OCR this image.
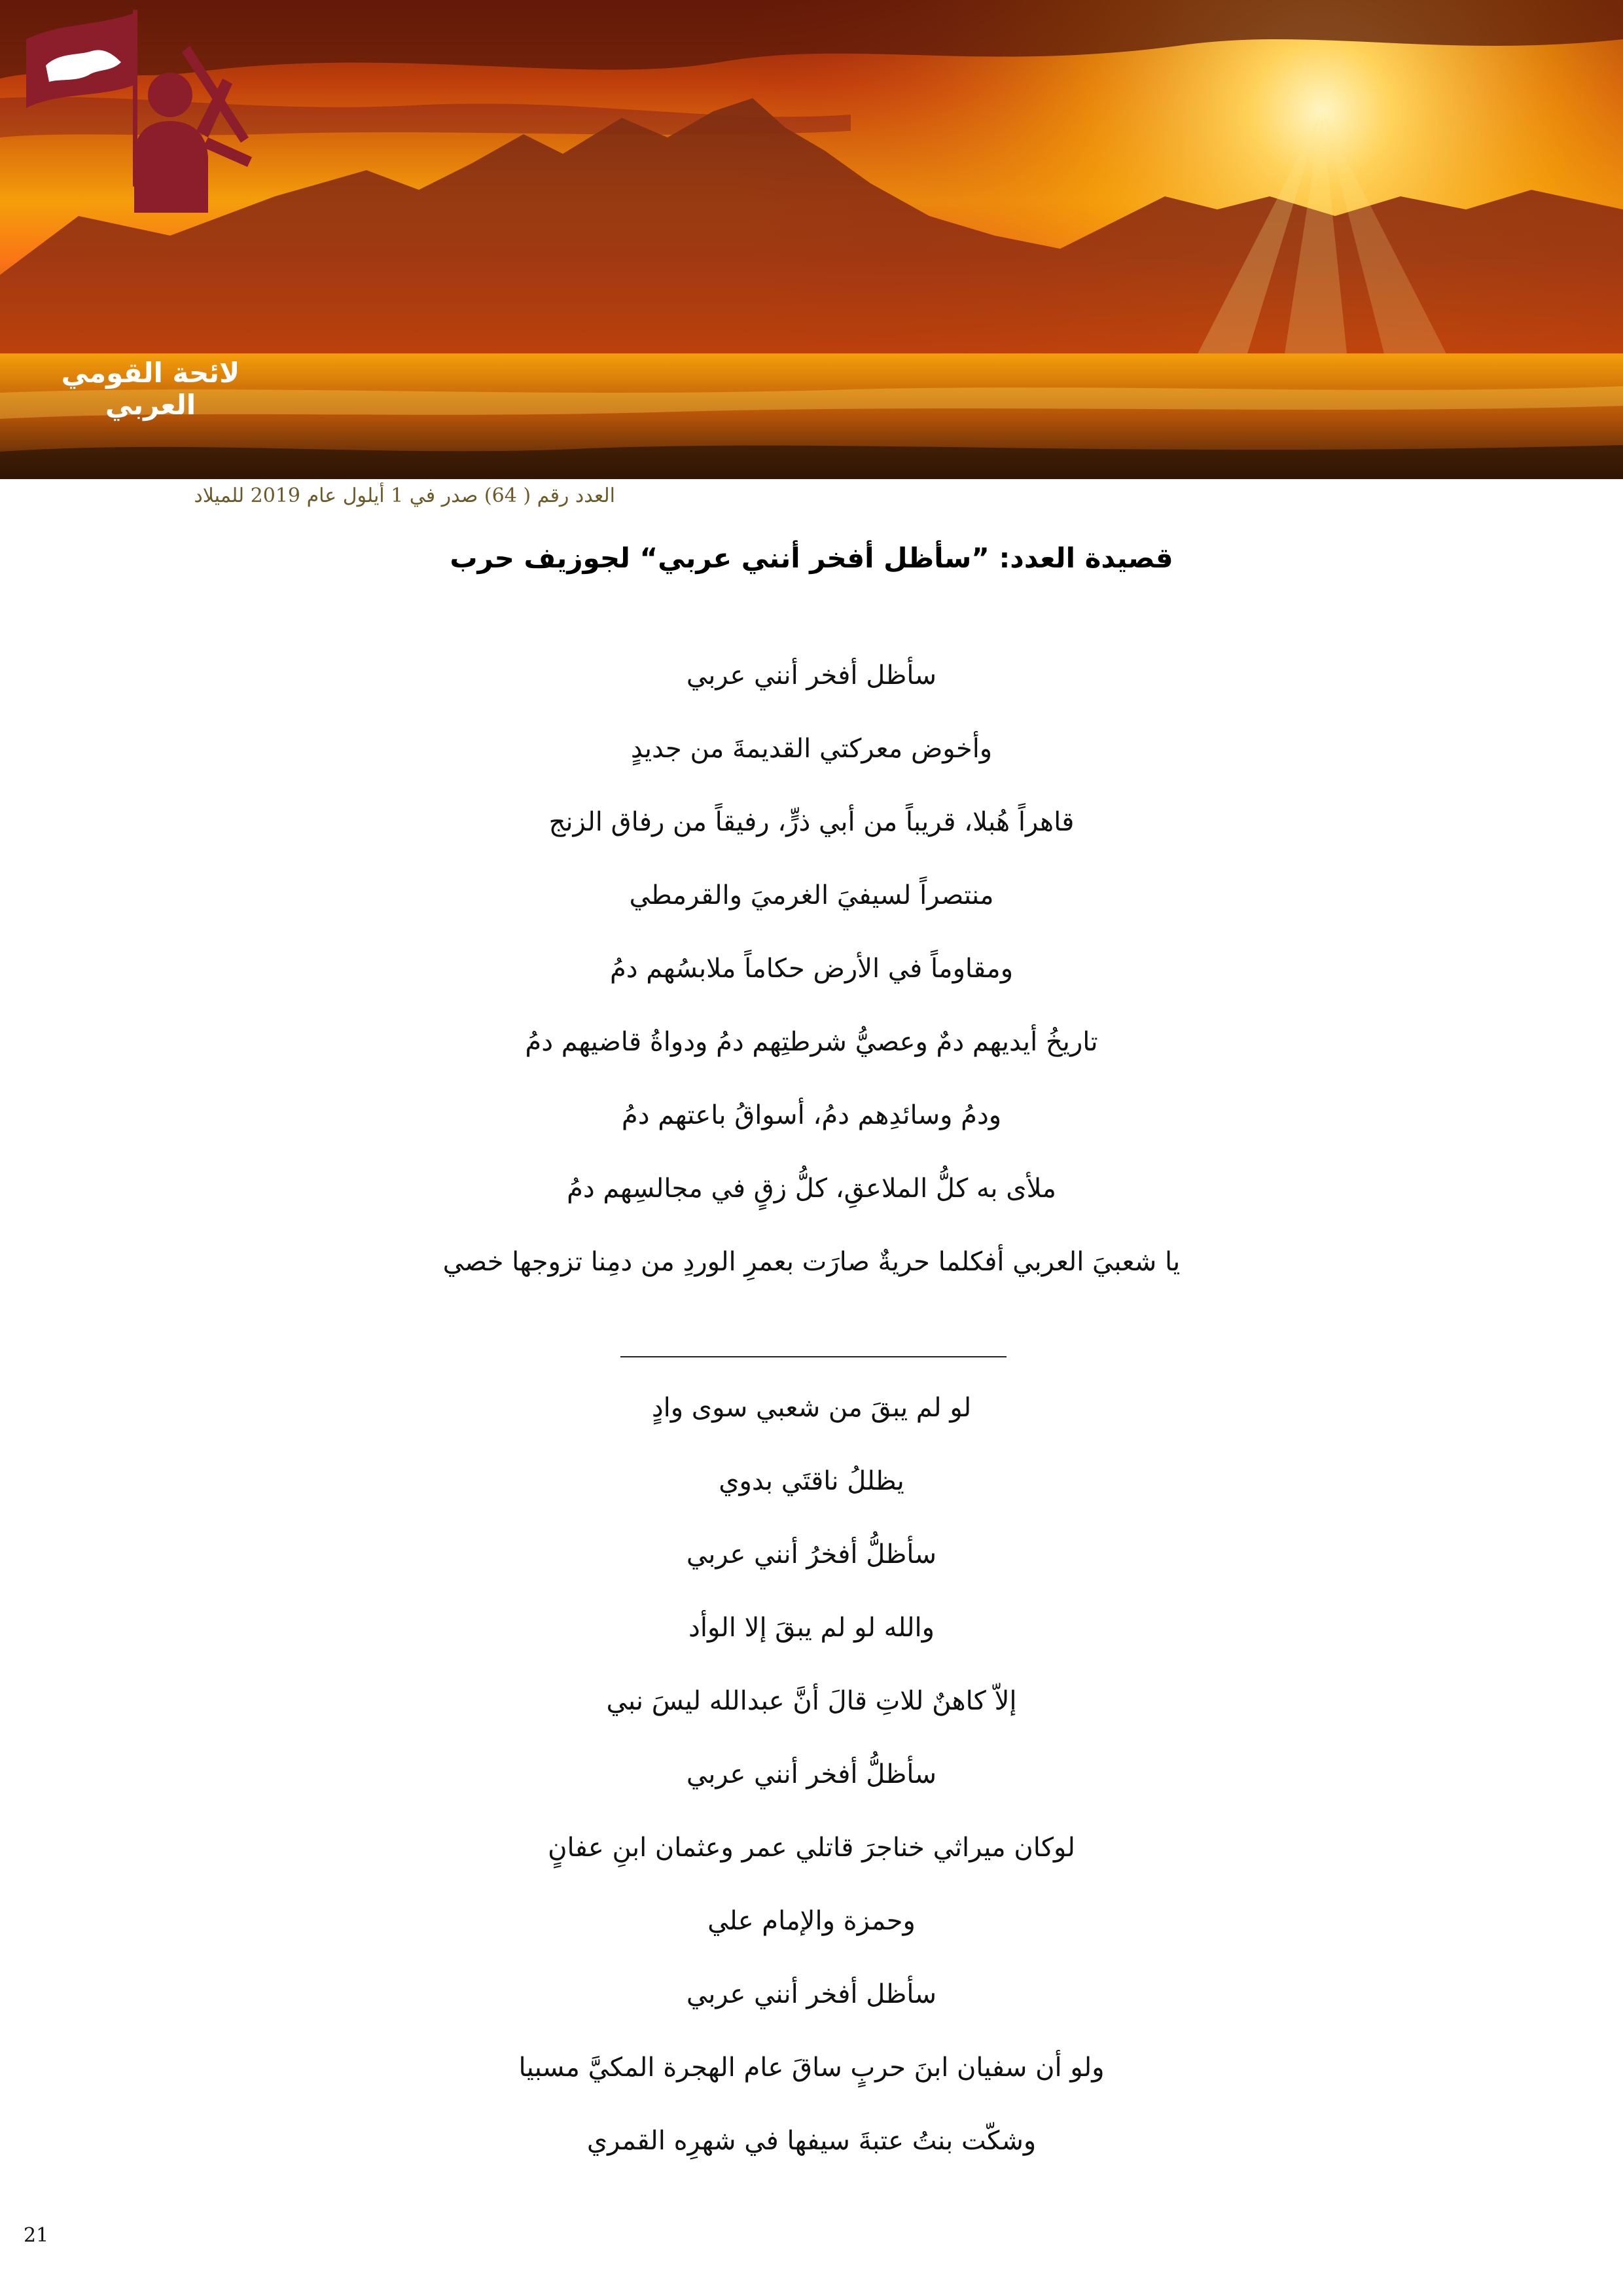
لائحة القومي العربي
العدد رقم ( 64) صدر في 1 أيلول عام 2019 للميلاد
قصيدة العدد: ”سأظل أفخر أنني عربي“ لجوزيف حرب
سأظل أفخر أنني عربي
وأخوض معركتي القديمةَ من جديدٍ
قاهراً هُبلا، قريباً من أبي ذرٍّ، رفيقاً من رفاق الزنج
منتصراً لسيفيَ الغرميَ والقرمطي
ومقاوماً في الأرض حكاماً ملابسُهم دمُ
تاريخُ أيديهم دمٌ وعصيُّ شرطتِهم دمُ ودواةُ قاضيهم دمُ
ودمُ وسائدِهم دمُ، أسواقُ باعتهم دمُ
ملأى به كلُّ الملاعقِ، كلُّ زقٍ في مجالسِهم دمُ
يا شعبيَ العربي أفكلما حريةٌ صارَت بعمرِ الوردِ من دمِنا تزوجها خصي
لو لم يبقَ من شعبي سوى وادٍ
يظللُ ناقتَي بدوي
سأظلُّ أفخرُ أنني عربي
والله لو لم يبقَ إلا الوأد
إلاّ كاهنٌ للاتِ قالَ أنَّ عبدالله ليسَ نبي
سأظلُّ أفخر أنني عربي
لوكان ميراثي خناجرَ قاتلي عمر وعثمان ابنِ عفانٍ
وحمزة والإمام علي
سأظل أفخر أنني عربي
ولو أن سفيان ابنَ حربٍ ساقَ عام الهجرة المكيَّ مسبيا
وشكّت بنتُ عتبةَ سيفها في شهرِه القمري
21
